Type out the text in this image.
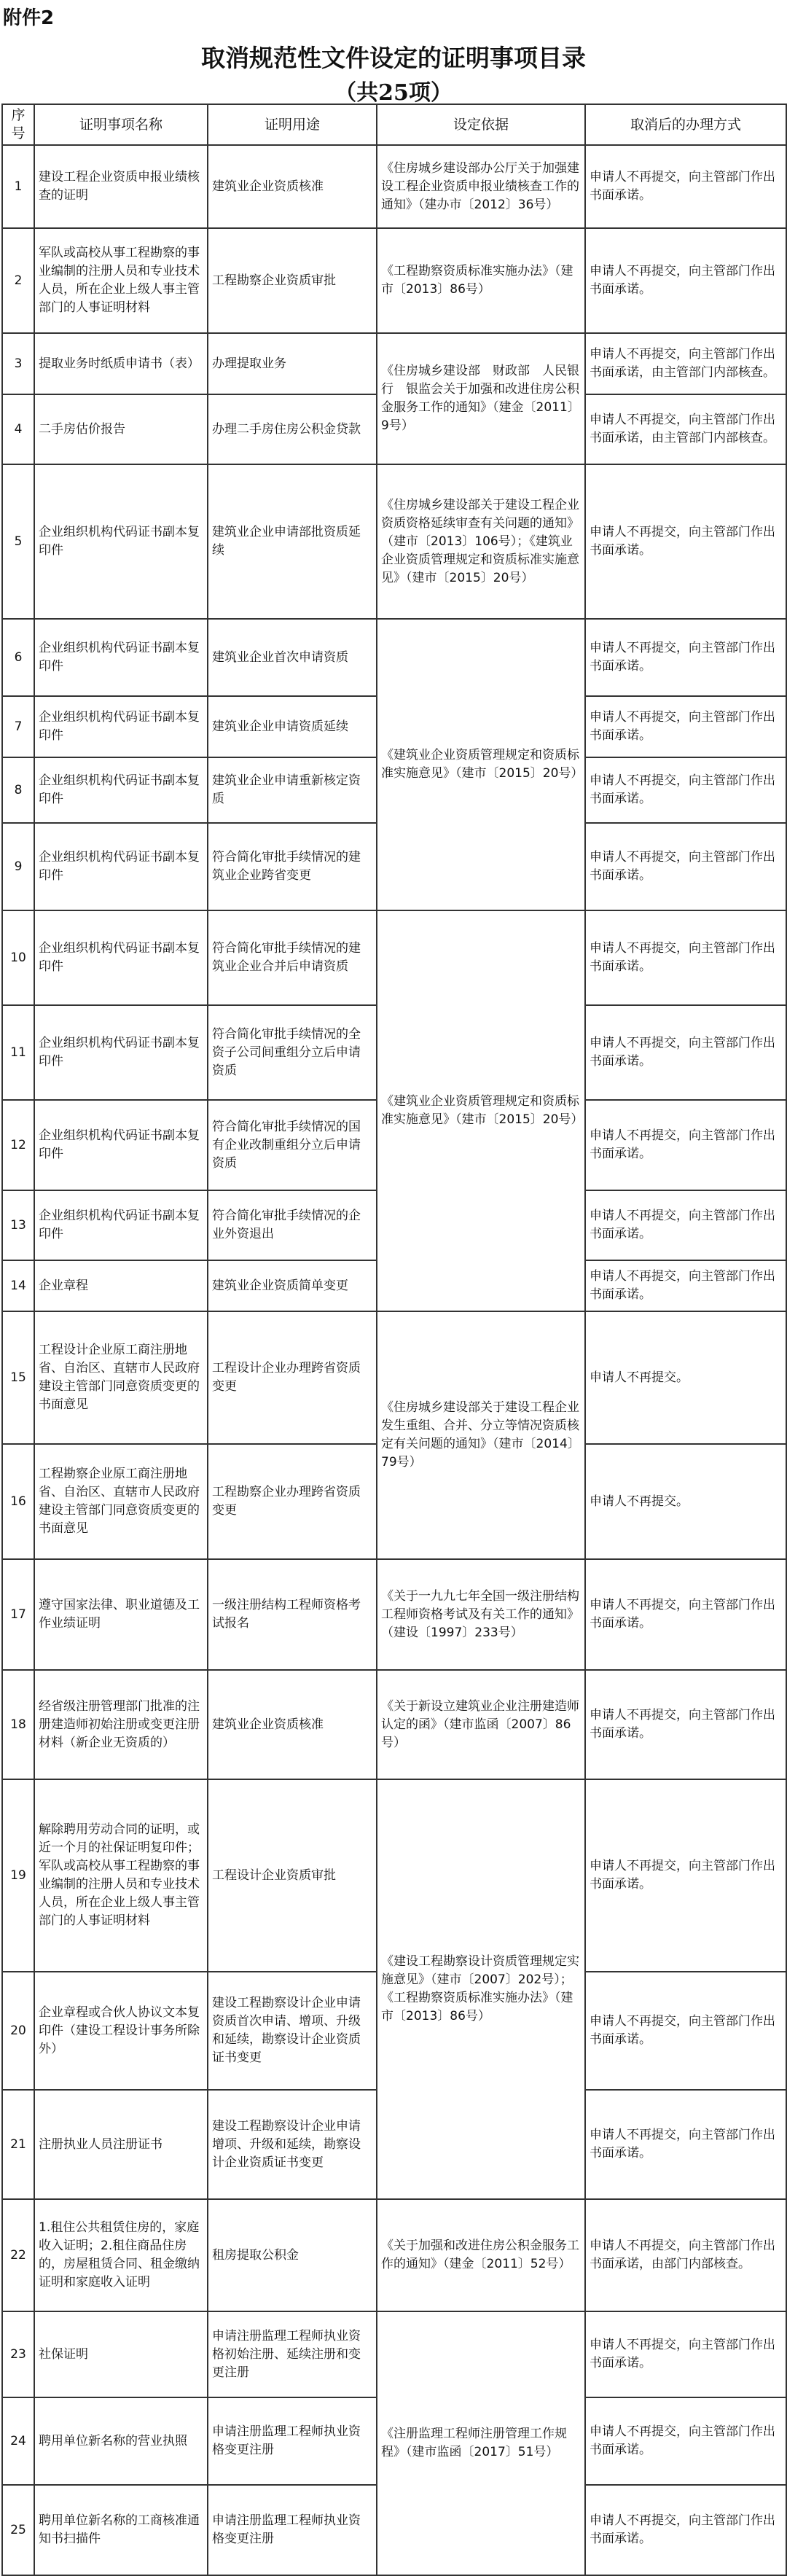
附件2
取消规范性文件设定的证明事项目录
（共25项）
序号	证明事项名称	证明用途	设定依据	取消后的办理方式
1	建设工程企业资质申报业绩核查的证明	建筑业企业资质核准	《住房城乡建设部办公厅关于加强建设工程企业资质申报业绩核查工作的通知》（建办市〔2012〕36号）	申请人不再提交，向主管部门作出书面承诺。
2	军队或高校从事工程勘察的事业编制的注册人员和专业技术人员，所在企业上级人事主管部门的人事证明材料	工程勘察企业资质审批	《工程勘察资质标准实施办法》（建市〔2013〕86号）	申请人不再提交，向主管部门作出书面承诺。
3	提取业务时纸质申请书（表）	办理提取业务	《住房城乡建设部　财政部　人民银行　银监会关于加强和改进住房公积金服务工作的通知》（建金〔2011〕9号）	申请人不再提交，向主管部门作出书面承诺，由主管部门内部核查。
4	二手房估价报告	办理二手房住房公积金贷款		申请人不再提交，向主管部门作出书面承诺，由主管部门内部核查。
5	企业组织机构代码证书副本复印件	建筑业企业申请部批资质延续	《住房城乡建设部关于建设工程企业资质资格延续审查有关问题的通知》（建市〔2013〕106号）；《建筑业企业资质管理规定和资质标准实施意见》（建市〔2015〕20号）	申请人不再提交，向主管部门作出书面承诺。
6	企业组织机构代码证书副本复印件	建筑业企业首次申请资质	《建筑业企业资质管理规定和资质标准实施意见》（建市〔2015〕20号）	申请人不再提交，向主管部门作出书面承诺。
7	企业组织机构代码证书副本复印件	建筑业企业申请资质延续		申请人不再提交，向主管部门作出书面承诺。
8	企业组织机构代码证书副本复印件	建筑业企业申请重新核定资质		申请人不再提交，向主管部门作出书面承诺。
9	企业组织机构代码证书副本复印件	符合简化审批手续情况的建筑业企业跨省变更		申请人不再提交，向主管部门作出书面承诺。
10	企业组织机构代码证书副本复印件	符合简化审批手续情况的建筑业企业合并后申请资质	《建筑业企业资质管理规定和资质标准实施意见》（建市〔2015〕20号）	申请人不再提交，向主管部门作出书面承诺。
11	企业组织机构代码证书副本复印件	符合简化审批手续情况的全资子公司间重组分立后申请资质		申请人不再提交，向主管部门作出书面承诺。
12	企业组织机构代码证书副本复印件	符合简化审批手续情况的国有企业改制重组分立后申请资质		申请人不再提交，向主管部门作出书面承诺。
13	企业组织机构代码证书副本复印件	符合简化审批手续情况的企业外资退出		申请人不再提交，向主管部门作出书面承诺。
14	企业章程	建筑业企业资质简单变更		申请人不再提交，向主管部门作出书面承诺。
15	工程设计企业原工商注册地省、自治区、直辖市人民政府建设主管部门同意资质变更的书面意见	工程设计企业办理跨省资质变更	《住房城乡建设部关于建设工程企业发生重组、合并、分立等情况资质核定有关问题的通知》（建市〔2014〕79号）	申请人不再提交。
16	工程勘察企业原工商注册地省、自治区、直辖市人民政府建设主管部门同意资质变更的书面意见	工程勘察企业办理跨省资质变更		申请人不再提交。
17	遵守国家法律、职业道德及工作业绩证明	一级注册结构工程师资格考试报名	《关于一九九七年全国一级注册结构工程师资格考试及有关工作的通知》（建设〔1997〕233号）	申请人不再提交，向主管部门作出书面承诺。
18	经省级注册管理部门批准的注册建造师初始注册或变更注册材料（新企业无资质的）	建筑业企业资质核准	《关于新设立建筑业企业注册建造师认定的函》（建市监函〔2007〕86号）	申请人不再提交，向主管部门作出书面承诺。
19	解除聘用劳动合同的证明，或近一个月的社保证明复印件；军队或高校从事工程勘察的事业编制的注册人员和专业技术人员，所在企业上级人事主管部门的人事证明材料	工程设计企业资质审批	《建设工程勘察设计资质管理规定实施意见》（建市〔2007〕202号）；《工程勘察资质标准实施办法》（建市〔2013〕86号）	申请人不再提交，向主管部门作出书面承诺。
20	企业章程或合伙人协议文本复印件（建设工程设计事务所除外）	建设工程勘察设计企业申请资质首次申请、增项、升级和延续，勘察设计企业资质证书变更		申请人不再提交，向主管部门作出书面承诺。
21	注册执业人员注册证书	建设工程勘察设计企业申请增项、升级和延续，勘察设计企业资质证书变更		申请人不再提交，向主管部门作出书面承诺。
22	1.租住公共租赁住房的，家庭收入证明；2.租住商品住房的，房屋租赁合同、租金缴纳证明和家庭收入证明	租房提取公积金	《关于加强和改进住房公积金服务工作的通知》（建金〔2011〕52号）	申请人不再提交，向主管部门作出书面承诺，由部门内部核查。
23	社保证明	申请注册监理工程师执业资格初始注册、延续注册和变更注册	《注册监理工程师注册管理工作规程》（建市监函〔2017〕51号）	申请人不再提交，向主管部门作出书面承诺。
24	聘用单位新名称的营业执照	申请注册监理工程师执业资格变更注册		申请人不再提交，向主管部门作出书面承诺。
25	聘用单位新名称的工商核准通知书扫描件	申请注册监理工程师执业资格变更注册		申请人不再提交，向主管部门作出书面承诺。
